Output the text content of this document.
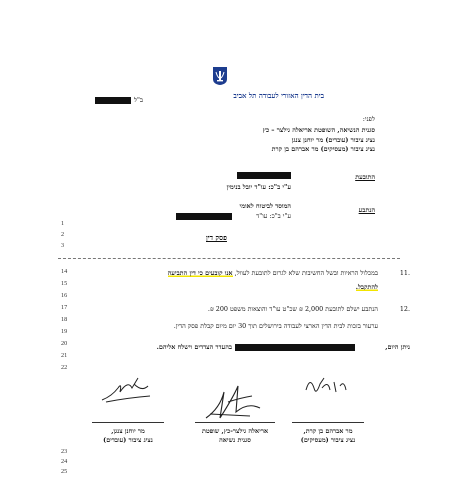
בית הדין האזורי לעבודה תל אביב
ב"ל
לפני:
סגנית הנשיאה, השופטת אריאלה גילצר – כץ
נציג ציבור (עובדים) מר יוחנן צנגן
נציג ציבור (מעסיקים) מר אברהם בן קרת
התובעת
ע"י ב"כ: עו"ד יובל בנימין
הנתבע
המוסד לביטוח לאומי
ע"י ב"כ: עו"ד
1
2
3
פסק דין
14
15
16
17
18
19
20
21
22
23
24
25
11.
במכלול הראיות ובשל החשיבות שלא לגרום לתובעת לעוול, אנו קובעים כי דין התביעה
להתקבל.
12.
הנתבע ישלם לתובעת 2,000 ₪ שכ"ט עו"ד והוצאות משפט 200 ₪.
ערעור בזכות לבית הדין הארצי לעבודה בירושלים תוך 30 יום מיום קבלת פסק הדין.
ניתן היום,
בהעדר הצדדים וישלח אליהם.
מר אברהם בן קרת,
נציג ציבור (מעסיקים)
אריאלה גילצר-כץ, שופטת
סגנית נשיאה
מר יוחנן צנגן,
נציג ציבור (עובדים)
